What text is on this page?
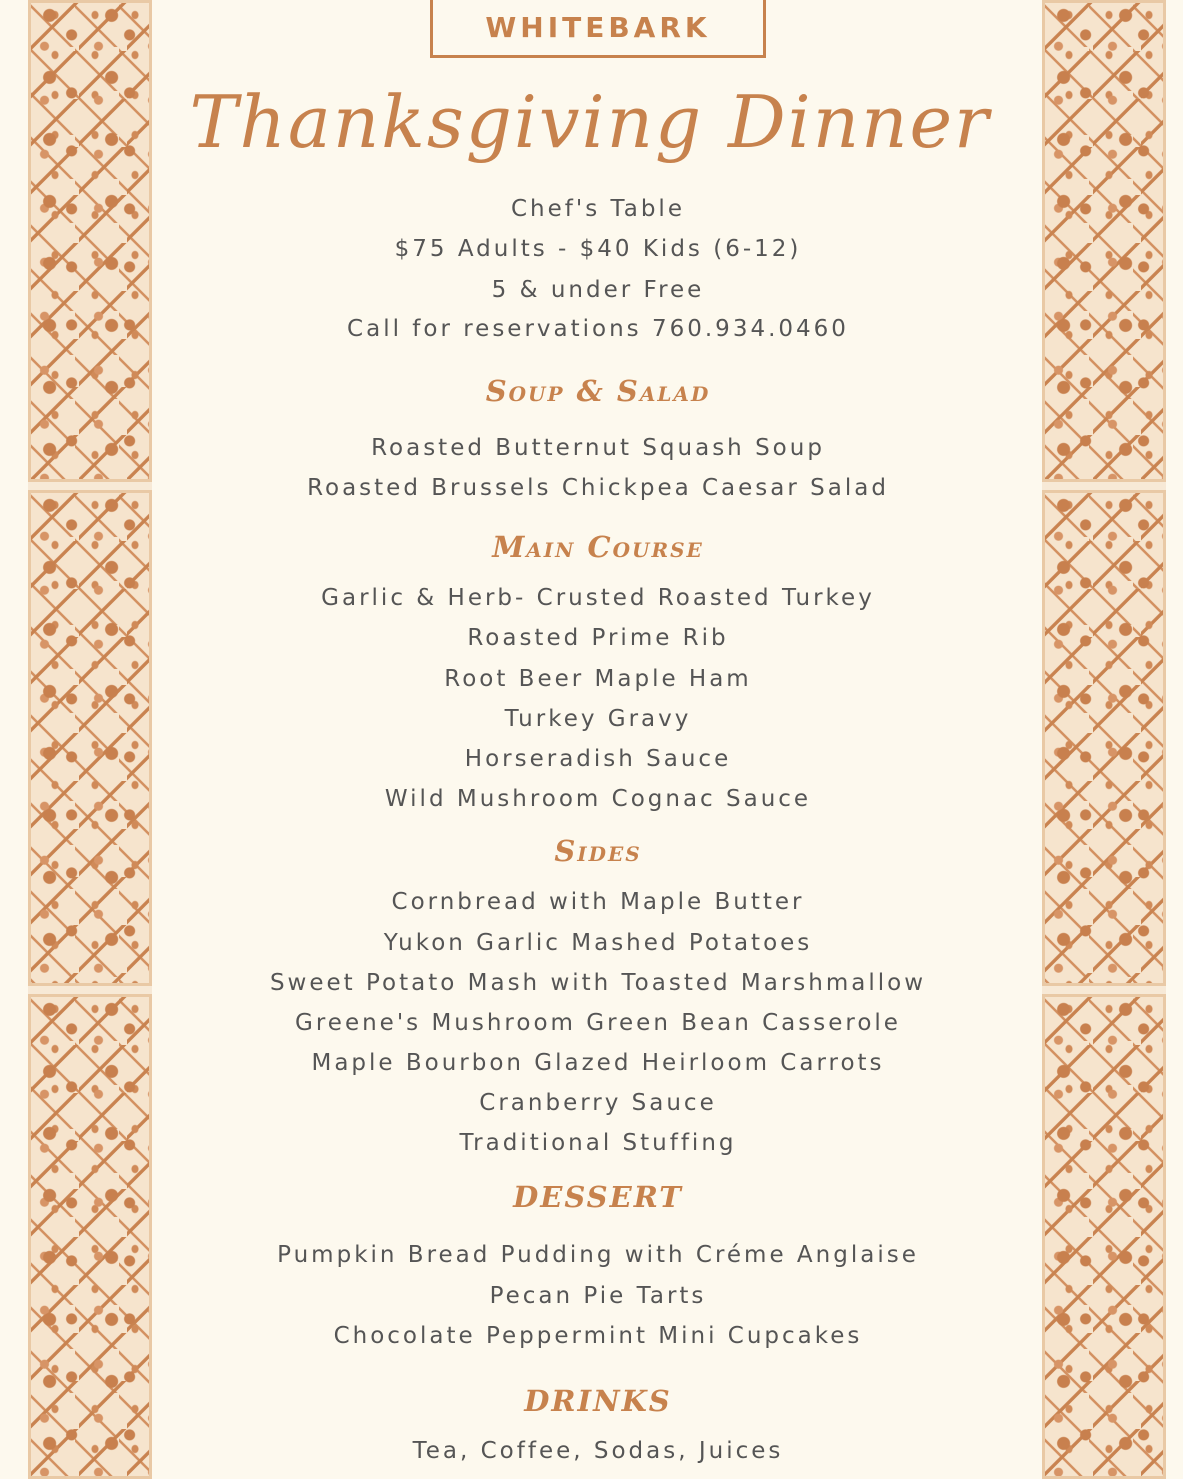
WHITEBARK
Thanksgiving Dinner
Chef's Table
$75 Adults - $40 Kids (6-12)
5 & under Free
Call for reservations 760.934.0460
Soup & Salad
Roasted Butternut Squash Soup
Roasted Brussels Chickpea Caesar Salad
Main Course
Garlic & Herb- Crusted Roasted Turkey
Roasted Prime Rib
Root Beer Maple Ham
Turkey Gravy
Horseradish Sauce
Wild Mushroom Cognac Sauce
Sides
Cornbread with Maple Butter
Yukon Garlic Mashed Potatoes
Sweet Potato Mash with Toasted Marshmallow
Greene's Mushroom Green Bean Casserole
Maple Bourbon Glazed Heirloom Carrots
Cranberry Sauce
Traditional Stuffing
DESSERT
Pumpkin Bread Pudding with Créme Anglaise
Pecan Pie Tarts
Chocolate Peppermint Mini Cupcakes
DRINKS
Tea, Coffee, Sodas, Juices
